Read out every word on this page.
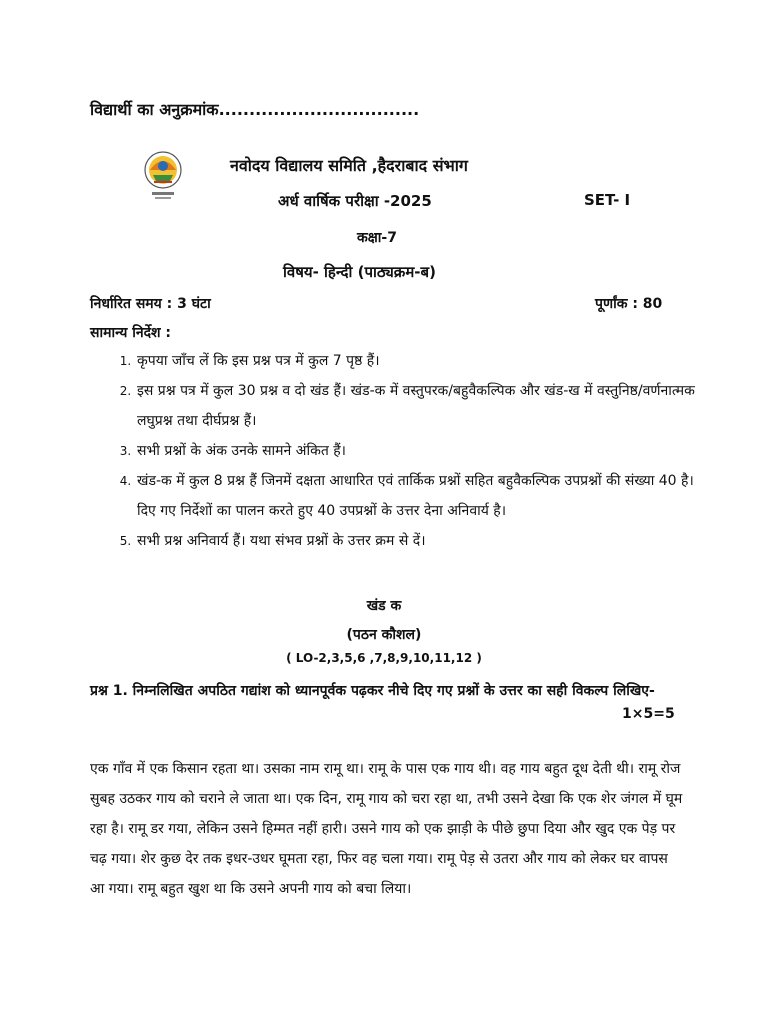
विद्यार्थी का अनुक्रमांक.................................
नवोदय विद्यालय समिति ,हैदराबाद संभाग
अर्ध वार्षिक परीक्षा -2025	SET- I
कक्षा-7
विषय- हिन्दी (पाठ्यक्रम-ब)
निर्धारित समय : 3 घंटा	पूर्णांक : 80
सामान्य निर्देश :
1. कृपया जाँच लें कि इस प्रश्न पत्र में कुल 7 पृष्ठ हैं।
2. इस प्रश्न पत्र में कुल 30 प्रश्न व दो खंड हैं। खंड-क में वस्तुपरक/बहुवैकल्पिक और खंड-ख में वस्तुनिष्ठ/वर्णनात्मक लघुप्रश्न तथा दीर्घप्रश्न हैं।
3. सभी प्रश्नों के अंक उनके सामने अंकित हैं।
4. खंड-क में कुल 8 प्रश्न हैं जिनमें दक्षता आधारित एवं तार्किक प्रश्नों सहित बहुवैकल्पिक उपप्रश्नों की संख्या 40 है। दिए गए निर्देशों का पालन करते हुए 40 उपप्रश्नों के उत्तर देना अनिवार्य है।
5. सभी प्रश्न अनिवार्य हैं। यथा संभव प्रश्नों के उत्तर क्रम से दें।
खंड क
(पठन कौशल)
( LO-2,3,5,6 ,7,8,9,10,11,12 )
प्रश्न 1. निम्नलिखित अपठित गद्यांश को ध्यानपूर्वक पढ़कर नीचे दिए गए प्रश्नों के उत्तर का सही विकल्प लिखिए-
1×5=5
एक गाँव में एक किसान रहता था। उसका नाम रामू था। रामू के पास एक गाय थी। वह गाय बहुत दूध देती थी। रामू रोज सुबह उठकर गाय को चराने ले जाता था। एक दिन, रामू गाय को चरा रहा था, तभी उसने देखा कि एक शेर जंगल में घूम रहा है। रामू डर गया, लेकिन उसने हिम्मत नहीं हारी। उसने गाय को एक झाड़ी के पीछे छुपा दिया और खुद एक पेड़ पर चढ़ गया। शेर कुछ देर तक इधर-उधर घूमता रहा, फिर वह चला गया। रामू पेड़ से उतरा और गाय को लेकर घर वापस आ गया। रामू बहुत खुश था कि उसने अपनी गाय को बचा लिया।
